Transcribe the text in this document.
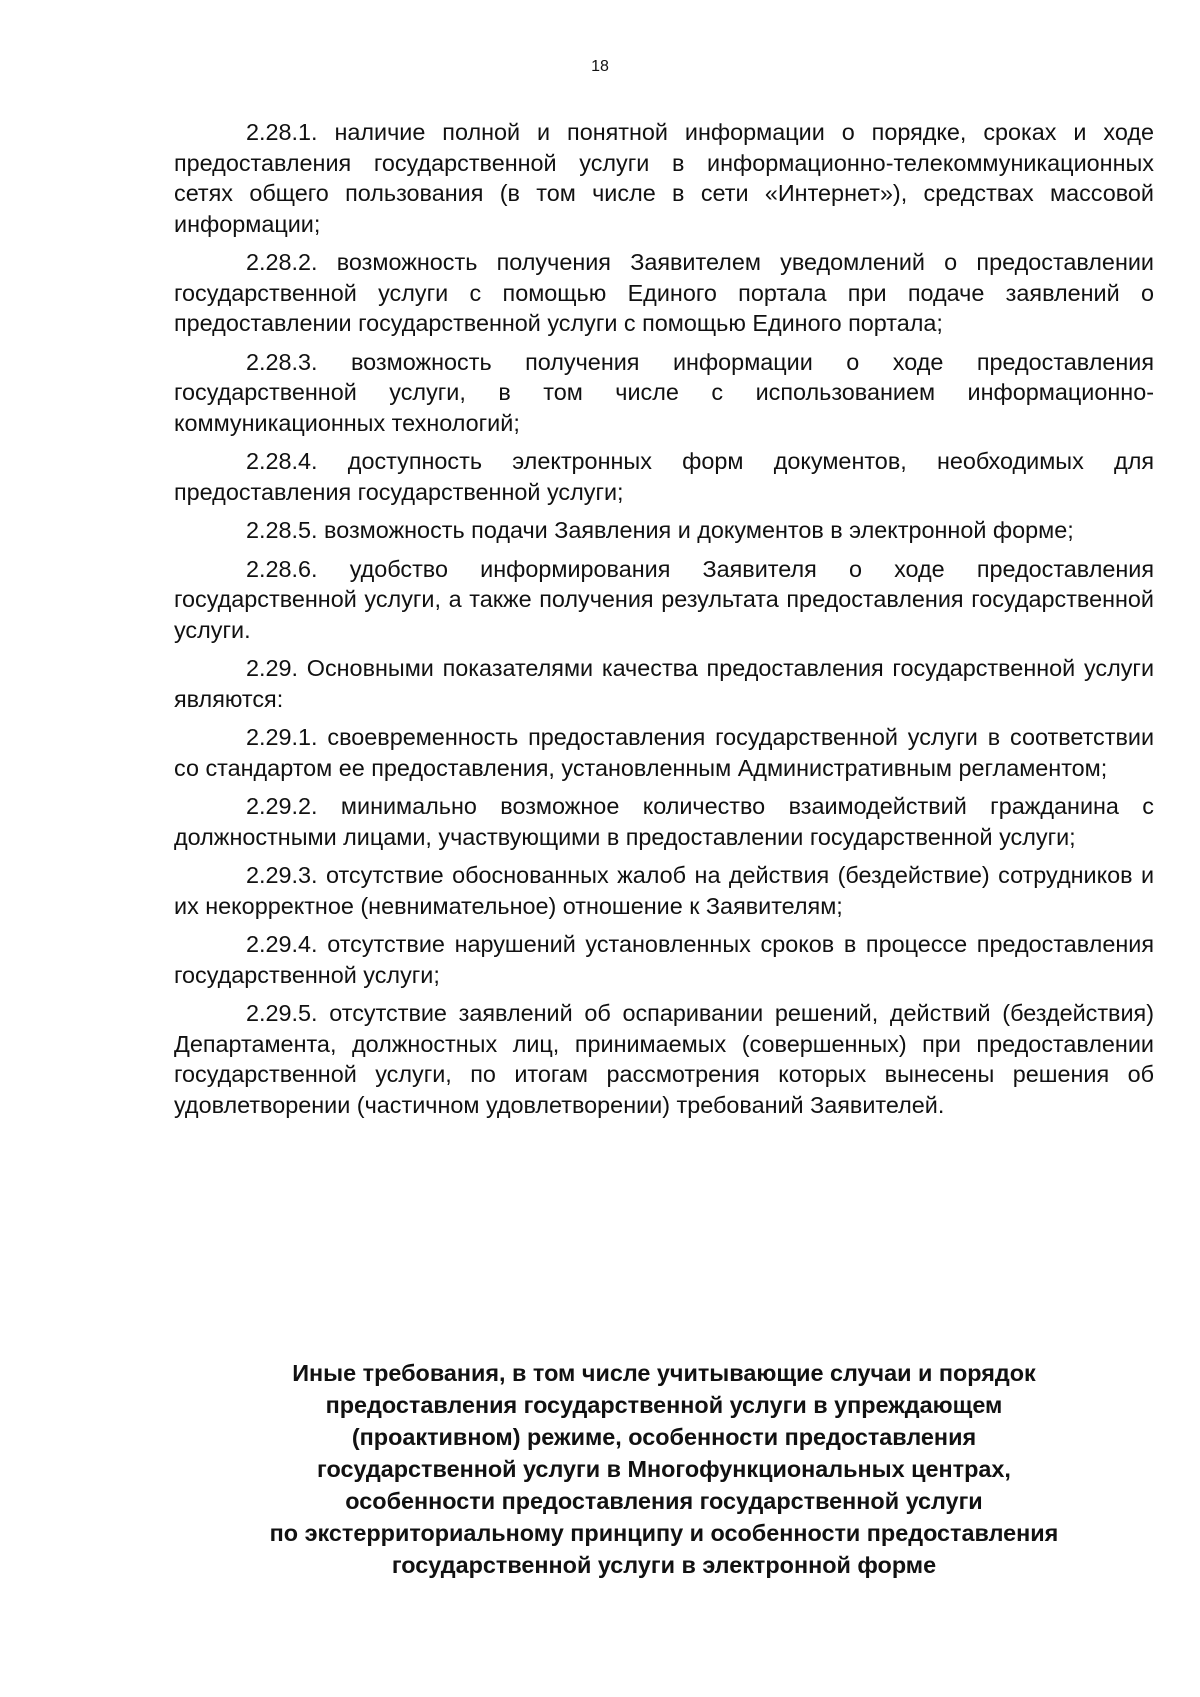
18

2.28.1. наличие полной и понятной информации о порядке, сроках и ходе предоставления государственной услуги в информационно-телекоммуникационных сетях общего пользования (в том числе в сети «Интернет»), средствах массовой информации;

2.28.2. возможность получения Заявителем уведомлений о предоставлении государственной услуги с помощью Единого портала при подаче заявлений о предоставлении государственной услуги с помощью Единого портала;

2.28.3. возможность получения информации о ходе предоставления государственной услуги, в том числе с использованием информационно-коммуникационных технологий;

2.28.4. доступность электронных форм документов, необходимых для предоставления государственной услуги;

2.28.5. возможность подачи Заявления и документов в электронной форме;

2.28.6. удобство информирования Заявителя о ходе предоставления государственной услуги, а также получения результата предоставления государственной услуги.

2.29. Основными показателями качества предоставления государственной услуги являются:

2.29.1. своевременность предоставления государственной услуги в соответствии со стандартом ее предоставления, установленным Административным регламентом;

2.29.2. минимально возможное количество взаимодействий гражданина с должностными лицами, участвующими в предоставлении государственной услуги;

2.29.3. отсутствие обоснованных жалоб на действия (бездействие) сотрудников и их некорректное (невнимательное) отношение к Заявителям;

2.29.4. отсутствие нарушений установленных сроков в процессе предоставления государственной услуги;

2.29.5. отсутствие заявлений об оспаривании решений, действий (бездействия) Департамента, должностных лиц, принимаемых (совершенных) при предоставлении государственной услуги, по итогам рассмотрения которых вынесены решения об удовлетворении (частичном удовлетворении) требований Заявителей.

Иные требования, в том числе учитывающие случаи и порядок
предоставления государственной услуги в упреждающем
(проактивном) режиме, особенности предоставления
государственной услуги в Многофункциональных центрах,
особенности предоставления государственной услуги
по экстерриториальному принципу и особенности предоставления
государственной услуги в электронной форме
